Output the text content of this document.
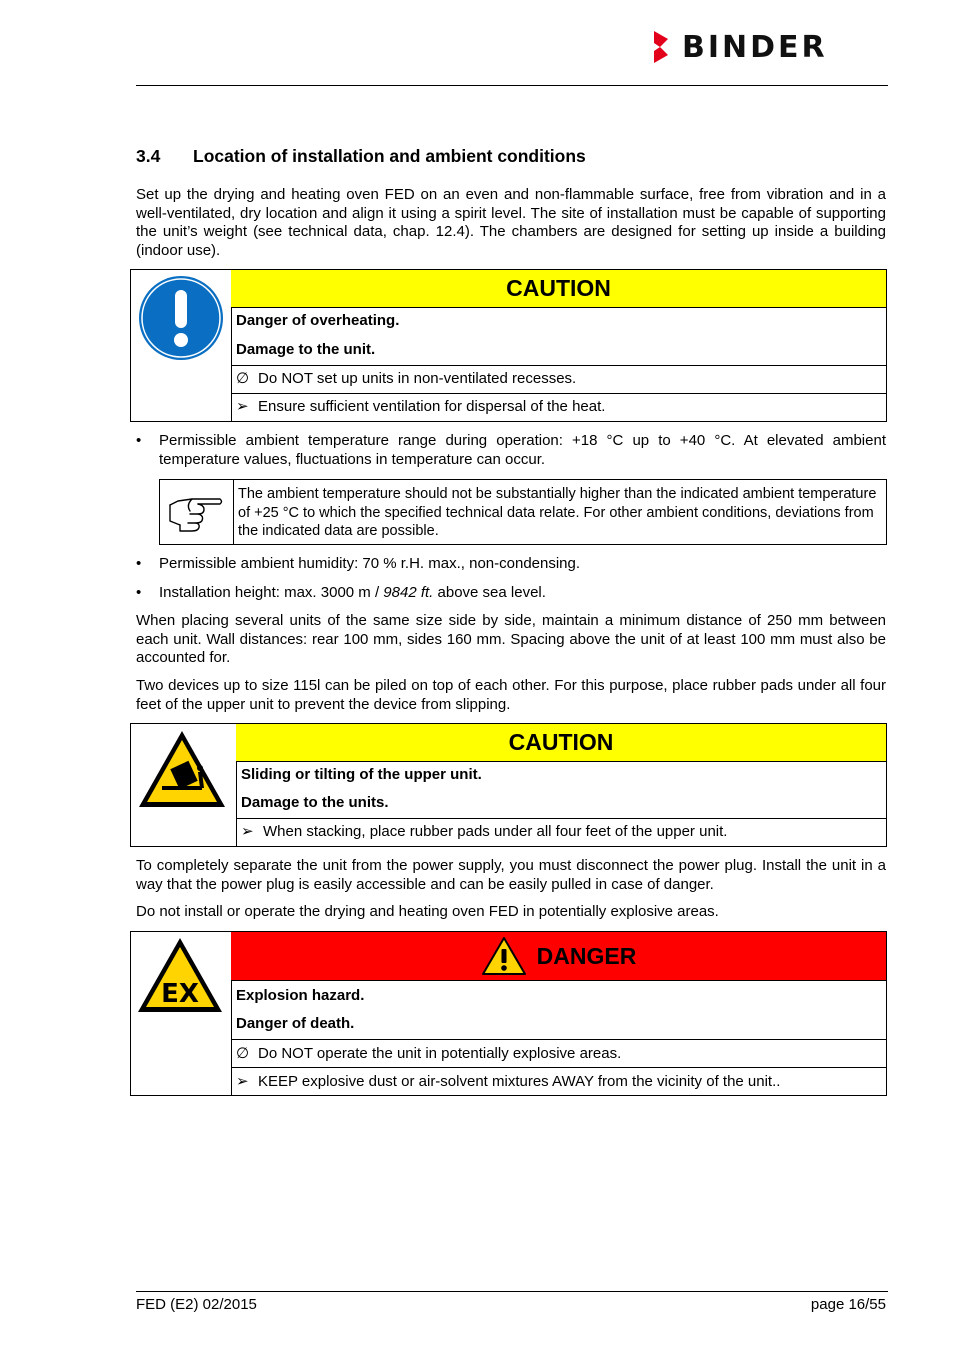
BINDER
3.4 Location of installation and ambient conditions
Set up the drying and heating oven FED on an even and non-flammable surface, free from vibration and in a well-ventilated, dry location and align it using a spirit level. The site of installation must be capable of supporting the unit’s weight (see technical data, chap. 12.4). The chambers are designed for setting up inside a building (indoor use).
CAUTION
Danger of overheating.
Damage to the unit.
∅ Do NOT set up units in non-ventilated recesses.
➢ Ensure sufficient ventilation for dispersal of the heat.
• Permissible ambient temperature range during operation: +18 °C up to +40 °C. At elevated ambient temperature values, fluctuations in temperature can occur.
The ambient temperature should not be substantially higher than the indicated ambient temperature of +25 °C to which the specified technical data relate. For other ambient conditions, deviations from the indicated data are possible.
• Permissible ambient humidity: 70 % r.H. max., non-condensing.
• Installation height: max. 3000 m / 9842 ft. above sea level.
When placing several units of the same size side by side, maintain a minimum distance of 250 mm between each unit. Wall distances: rear 100 mm, sides 160 mm. Spacing above the unit of at least 100 mm must also be accounted for.
Two devices up to size 115l can be piled on top of each other. For this purpose, place rubber pads under all four feet of the upper unit to prevent the device from slipping.
CAUTION
Sliding or tilting of the upper unit.
Damage to the units.
➢ When stacking, place rubber pads under all four feet of the upper unit.
To completely separate the unit from the power supply, you must disconnect the power plug. Install the unit in a way that the power plug is easily accessible and can be easily pulled in case of danger.
Do not install or operate the drying and heating oven FED in potentially explosive areas.
EX
DANGER
Explosion hazard.
Danger of death.
∅ Do NOT operate the unit in potentially explosive areas.
➢ KEEP explosive dust or air-solvent mixtures AWAY from the vicinity of the unit..
FED (E2) 02/2015	page 16/55
